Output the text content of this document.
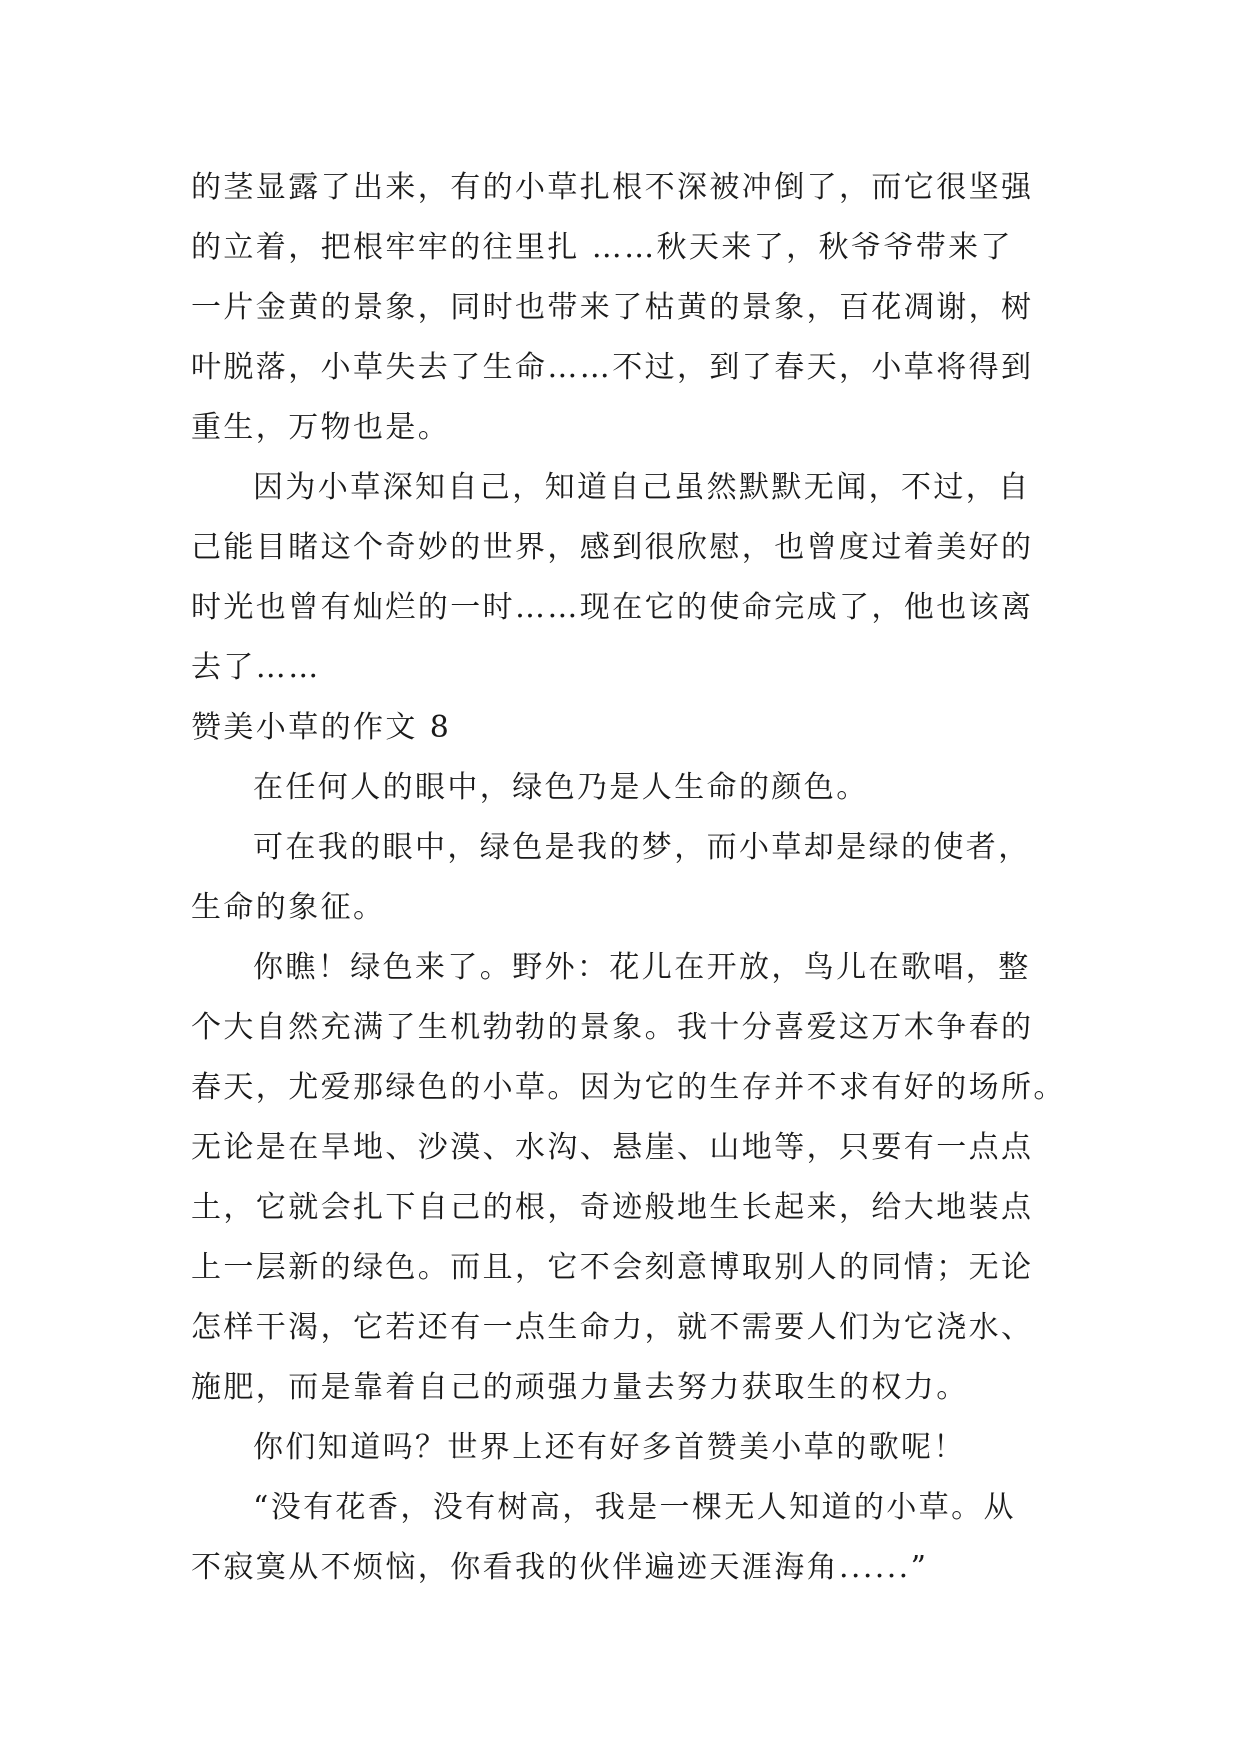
的茎显露了出来，有的小草扎根不深被冲倒了，而它很坚强
的立着，把根牢牢的往里扎 ……秋天来了，秋爷爷带来了
一片金黄的景象，同时也带来了枯黄的景象，百花凋谢，树
叶脱落，小草失去了生命……不过，到了春天，小草将得到
重生，万物也是。
因为小草深知自己，知道自己虽然默默无闻，不过，自
己能目睹这个奇妙的世界，感到很欣慰，也曾度过着美好的
时光也曾有灿烂的一时……现在它的使命完成了，他也该离
去了……
赞美小草的作文 8
在任何人的眼中，绿色乃是人生命的颜色。
可在我的眼中，绿色是我的梦，而小草却是绿的使者，
生命的象征。
你瞧！绿色来了。野外：花儿在开放，鸟儿在歌唱，整
个大自然充满了生机勃勃的景象。我十分喜爱这万木争春的
春天，尤爱那绿色的小草。因为它的生存并不求有好的场所。
无论是在旱地、沙漠、水沟、悬崖、山地等，只要有一点点
土，它就会扎下自己的根，奇迹般地生长起来，给大地装点
上一层新的绿色。而且，它不会刻意博取别人的同情；无论
怎样干渴，它若还有一点生命力，就不需要人们为它浇水、
施肥，而是靠着自己的顽强力量去努力获取生的权力。
你们知道吗？世界上还有好多首赞美小草的歌呢！
“没有花香，没有树高，我是一棵无人知道的小草。从
不寂寞从不烦恼，你看我的伙伴遍迹天涯海角......”
